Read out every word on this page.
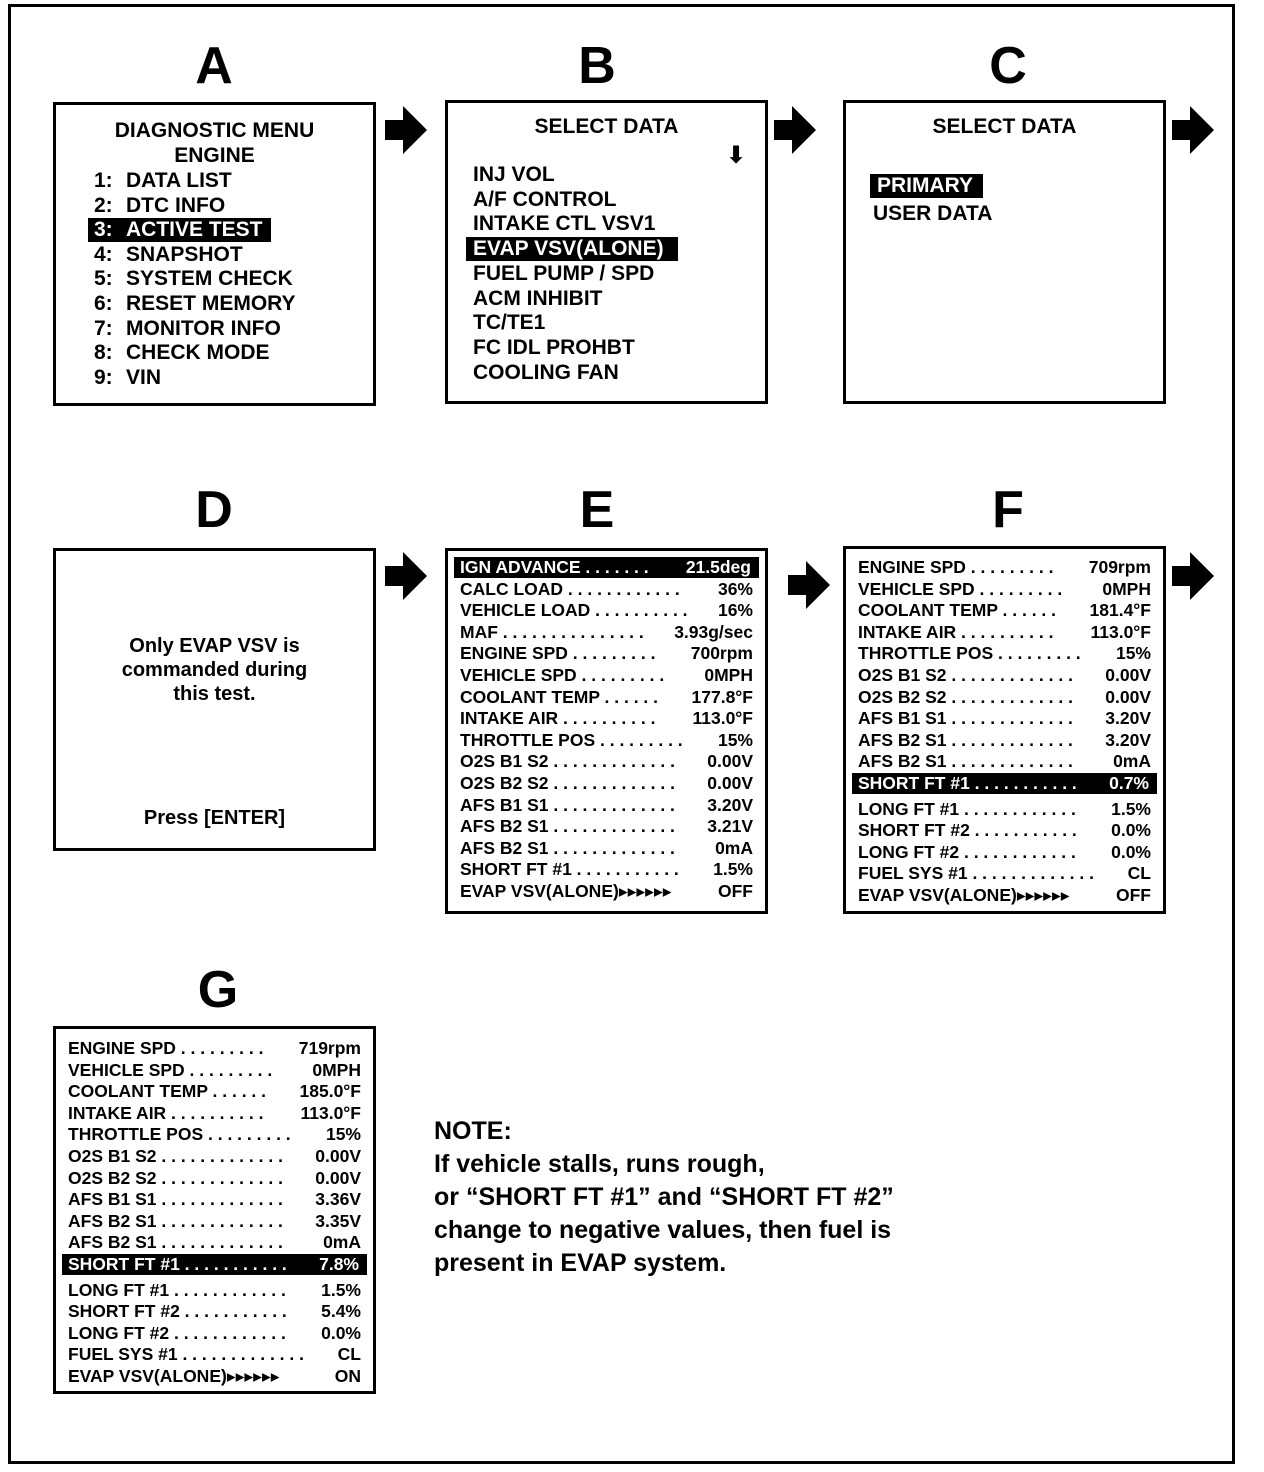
A	B	C
D	E	F
G
DIAGNOSTIC MENU
ENGINE
1: DATA LIST
2: DTC INFO
3: ACTIVE TEST
4: SNAPSHOT
5: SYSTEM CHECK
6: RESET MEMORY
7: MONITOR INFO
8: CHECK MODE
9: VIN
SELECT DATA
⬇
INJ VOL
A/F CONTROL
INTAKE CTL VSV1
EVAP VSV(ALONE)
FUEL PUMP / SPD
ACM INHIBIT
TC/TE1
FC IDL PROHBT
COOLING FAN
SELECT DATA
PRIMARY
USER DATA
Only EVAP VSV is
commanded during
this test.
Press [ENTER]
IGN ADVANCE . . . . . . . 21.5deg
CALC LOAD . . . . . . . . . . . . 36%
VEHICLE LOAD . . . . . . . . . . 16%
MAF . . . . . . . . . . . . . . . 3.93g/sec
ENGINE SPD . . . . . . . . . 700rpm
VEHICLE SPD . . . . . . . . . 0MPH
COOLANT TEMP . . . . . . 177.8°F
INTAKE AIR . . . . . . . . . . 113.0°F
THROTTLE POS . . . . . . . . . 15%
O2S B1 S2 . . . . . . . . . . . . . 0.00V
O2S B2 S2 . . . . . . . . . . . . . 0.00V
AFS B1 S1 . . . . . . . . . . . . . 3.20V
AFS B2 S1 . . . . . . . . . . . . . 3.21V
AFS B2 S1 . . . . . . . . . . . . . 0mA
SHORT FT #1 . . . . . . . . . . . 1.5%
EVAP VSV(ALONE)▸▸▸▸▸▸	OFF
ENGINE SPD . . . . . . . . . 709rpm
VEHICLE SPD . . . . . . . . . 0MPH
COOLANT TEMP . . . . . . 181.4°F
INTAKE AIR . . . . . . . . . . 113.0°F
THROTTLE POS . . . . . . . . . 15%
O2S B1 S2 . . . . . . . . . . . . . 0.00V
O2S B2 S2 . . . . . . . . . . . . . 0.00V
AFS B1 S1 . . . . . . . . . . . . . 3.20V
AFS B2 S1 . . . . . . . . . . . . . 3.20V
AFS B2 S1 . . . . . . . . . . . . . 0mA
SHORT FT #1 . . . . . . . . . . . 0.7%
LONG FT #1 . . . . . . . . . . . . 1.5%
SHORT FT #2 . . . . . . . . . . . 0.0%
LONG FT #2 . . . . . . . . . . . . 0.0%
FUEL SYS #1 . . . . . . . . . . . . . CL
EVAP VSV(ALONE)▸▸▸▸▸▸	OFF
ENGINE SPD . . . . . . . . . 719rpm
VEHICLE SPD . . . . . . . . . 0MPH
COOLANT TEMP . . . . . . 185.0°F
INTAKE AIR . . . . . . . . . . 113.0°F
THROTTLE POS . . . . . . . . . 15%
O2S B1 S2 . . . . . . . . . . . . . 0.00V
O2S B2 S2 . . . . . . . . . . . . . 0.00V
AFS B1 S1 . . . . . . . . . . . . . 3.36V
AFS B2 S1 . . . . . . . . . . . . . 3.35V
AFS B2 S1 . . . . . . . . . . . . . 0mA
SHORT FT #1 . . . . . . . . . . . 7.8%
LONG FT #1 . . . . . . . . . . . . 1.5%
SHORT FT #2 . . . . . . . . . . . 5.4%
LONG FT #2 . . . . . . . . . . . . 0.0%
FUEL SYS #1 . . . . . . . . . . . . . CL
EVAP VSV(ALONE)▸▸▸▸▸▸	ON
NOTE:
If vehicle stalls, runs rough,
or “SHORT FT #1” and “SHORT FT #2”
change to negative values, then fuel is
present in EVAP system.
